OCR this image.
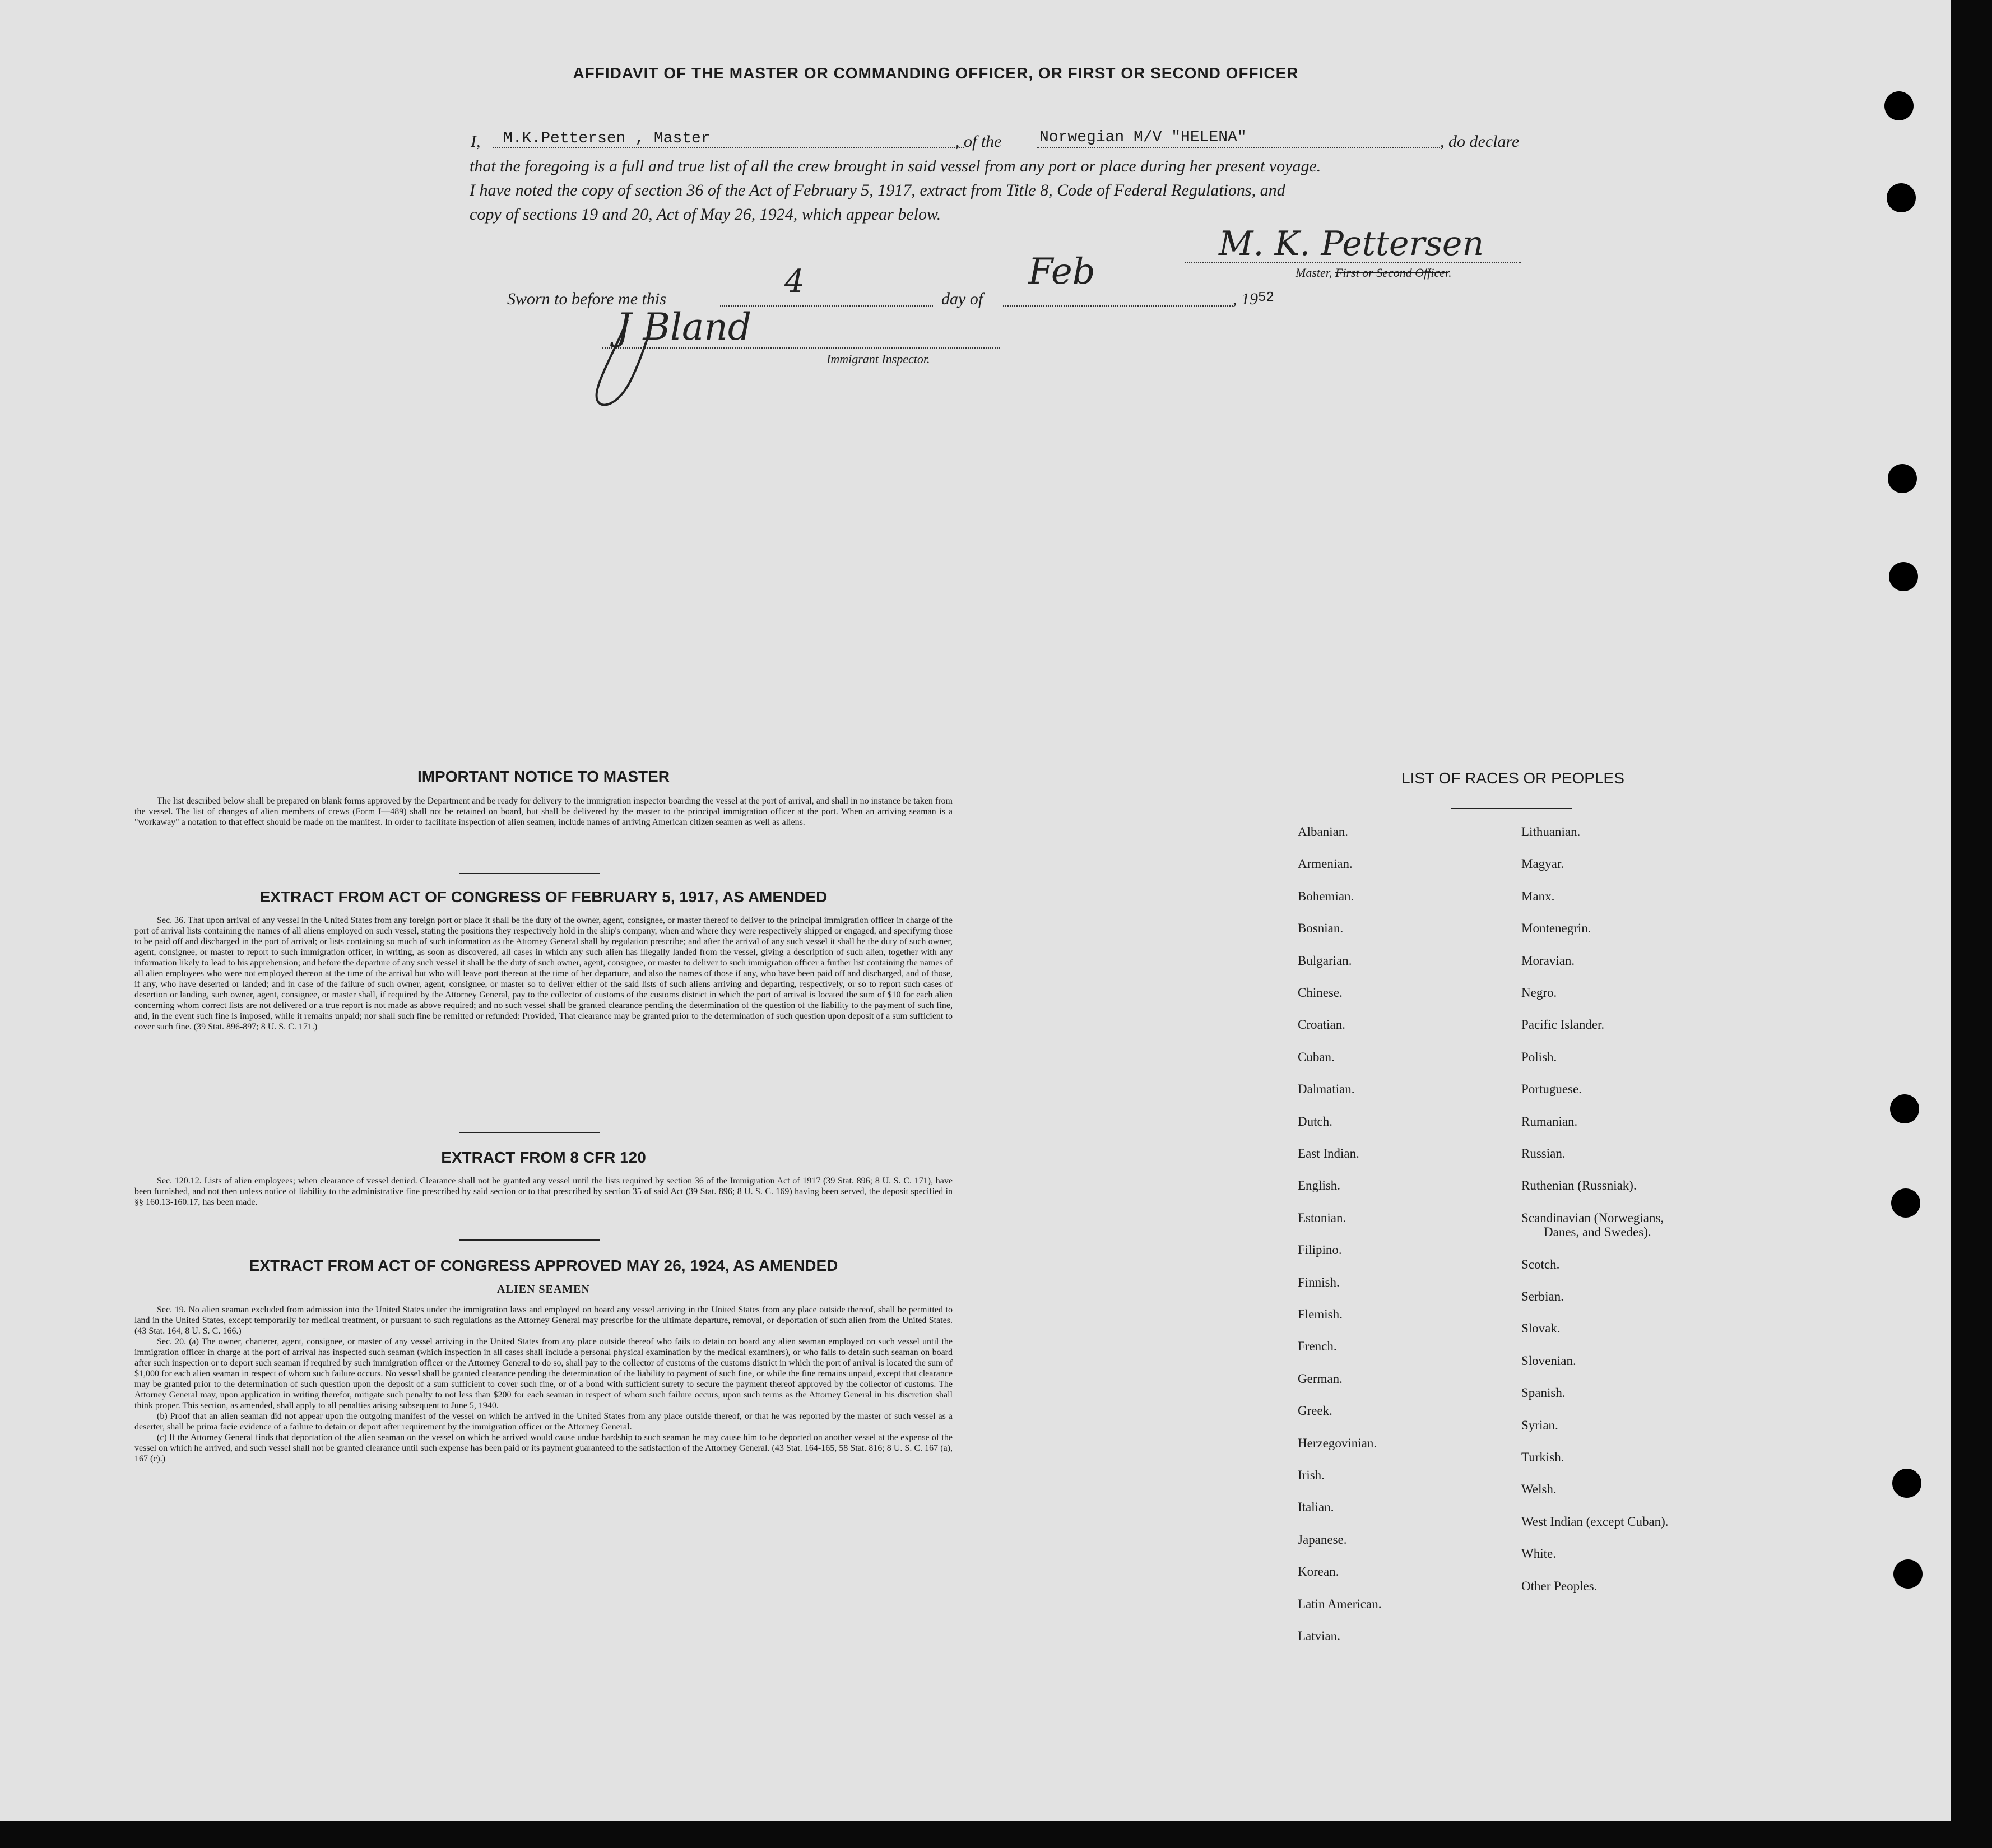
AFFIDAVIT OF THE MASTER OR COMMANDING OFFICER, OR FIRST OR SECOND OFFICER
I, M.K.Pettersen , Master	, of the Norwegian M/V "HELENA"	, do declare
that the foregoing is a full and true list of all the crew brought in said vessel from any port or place during her present voyage.
I have noted the copy of section 36 of the Act of February 5, 1917, extract from Title 8, Code of Federal Regulations, and
copy of sections 19 and 20, Act of May 26, 1924, which appear below.
M. K. Pettersen
Master, First or Second Officer.
Sworn to before me this	4	day of
Feb
, $19^{52}$
J Bland
Immigrant Inspector.
IMPORTANT NOTICE TO MASTER
The list described below shall be prepared on blank forms approved by the Department and be ready for delivery to the immigration inspector boarding the vessel at the port of arrival, and shall in no instance be taken from the vessel. The list of changes of alien members of crews (Form I—489) shall not be retained on board, but shall be delivered by the master to the principal immigration officer at the port. When an arriving seaman is a "workaway" a notation to that effect should be made on the manifest. In order to facilitate inspection of alien seamen, include names of arriving American citizen seamen as well as aliens.
EXTRACT FROM ACT OF CONGRESS OF FEBRUARY 5, 1917, AS AMENDED
Sec. 36. That upon arrival of any vessel in the United States from any foreign port or place it shall be the duty of the owner, agent, consignee, or master thereof to deliver to the principal immigration officer in charge of the port of arrival lists containing the names of all aliens employed on such vessel, stating the positions they respectively hold in the ship's company, when and where they were respectively shipped or engaged, and specifying those to be paid off and discharged in the port of arrival; or lists containing so much of such information as the Attorney General shall by regulation prescribe; and after the arrival of any such vessel it shall be the duty of such owner, agent, consignee, or master to report to such immigration officer, in writing, as soon as discovered, all cases in which any such alien has illegally landed from the vessel, giving a description of such alien, together with any information likely to lead to his apprehension; and before the departure of any such vessel it shall be the duty of such owner, agent, consignee, or master to deliver to such immigration officer a further list containing the names of all alien employees who were not employed thereon at the time of the arrival but who will leave port thereon at the time of her departure, and also the names of those if any, who have been paid off and discharged, and of those, if any, who have deserted or landed; and in case of the failure of such owner, agent, consignee, or master so to deliver either of the said lists of such aliens arriving and departing, respectively, or so to report such cases of desertion or landing, such owner, agent, consignee, or master shall, if required by the Attorney General, pay to the collector of customs of the customs district in which the port of arrival is located the sum of $10 for each alien concerning whom correct lists are not delivered or a true report is not made as above required; and no such vessel shall be granted clearance pending the determination of the question of the liability to the payment of such fine, and, in the event such fine is imposed, while it remains unpaid; nor shall such fine be remitted or refunded: Provided, That clearance may be granted prior to the determination of such question upon deposit of a sum sufficient to cover such fine. (39 Stat. 896-897; 8 U. S. C. 171.)
EXTRACT FROM 8 CFR 120
Sec. 120.12. Lists of alien employees; when clearance of vessel denied. Clearance shall not be granted any vessel until the lists required by section 36 of the Immigration Act of 1917 (39 Stat. 896; 8 U. S. C. 171), have been furnished, and not then unless notice of liability to the administrative fine prescribed by said section or to that prescribed by section 35 of said Act (39 Stat. 896; 8 U. S. C. 169) having been served, the deposit specified in §§ 160.13-160.17, has been made.
EXTRACT FROM ACT OF CONGRESS APPROVED MAY 26, 1924, AS AMENDED
ALIEN SEAMEN
Sec. 19. No alien seaman excluded from admission into the United States under the immigration laws and employed on board any vessel arriving in the United States from any place outside thereof, shall be permitted to land in the United States, except temporarily for medical treatment, or pursuant to such regulations as the Attorney General may prescribe for the ultimate departure, removal, or deportation of such alien from the United States. (43 Stat. 164, 8 U. S. C. 166.)
Sec. 20. (a) The owner, charterer, agent, consignee, or master of any vessel arriving in the United States from any place outside thereof who fails to detain on board any alien seaman employed on such vessel until the immigration officer in charge at the port of arrival has inspected such seaman (which inspection in all cases shall include a personal physical examination by the medical examiners), or who fails to detain such seaman on board after such inspection or to deport such seaman if required by such immigration officer or the Attorney General to do so, shall pay to the collector of customs of the customs district in which the port of arrival is located the sum of $1,000 for each alien seaman in respect of whom such failure occurs. No vessel shall be granted clearance pending the determination of the liability to payment of such fine, or while the fine remains unpaid, except that clearance may be granted prior to the determination of such question upon the deposit of a sum sufficient to cover such fine, or of a bond with sufficient surety to secure the payment thereof approved by the collector of customs. The Attorney General may, upon application in writing therefor, mitigate such penalty to not less than $200 for each seaman in respect of whom such failure occurs, upon such terms as the Attorney General in his discretion shall think proper. This section, as amended, shall apply to all penalties arising subsequent to June 5, 1940.
(b) Proof that an alien seaman did not appear upon the outgoing manifest of the vessel on which he arrived in the United States from any place outside thereof, or that he was reported by the master of such vessel as a deserter, shall be prima facie evidence of a failure to detain or deport after requirement by the immigration officer or the Attorney General.
(c) If the Attorney General finds that deportation of the alien seaman on the vessel on which he arrived would cause undue hardship to such seaman he may cause him to be deported on another vessel at the expense of the vessel on which he arrived, and such vessel shall not be granted clearance until such expense has been paid or its payment guaranteed to the satisfaction of the Attorney General. (43 Stat. 164-165, 58 Stat. 816; 8 U. S. C. 167 (a), 167 (c).)
LIST OF RACES OR PEOPLES
Albanian.
Armenian.
Bohemian.
Bosnian.
Bulgarian.
Chinese.
Croatian.
Cuban.
Dalmatian.
Dutch.
East Indian.
English.
Estonian.
Filipino.
Finnish.
Flemish.
French.
German.
Greek.
Herzegovinian.
Irish.
Italian.
Japanese.
Korean.
Latin American.
Latvian.
Lithuanian.
Magyar.
Manx.
Montenegrin.
Moravian.
Negro.
Pacific Islander.
Polish.
Portuguese.
Rumanian.
Russian.
Ruthenian (Russniak).
Scandinavian (Norwegians,
Danes, and Swedes).
Scotch.
Serbian.
Slovak.
Slovenian.
Spanish.
Syrian.
Turkish.
Welsh.
West Indian (except Cuban).
White.
Other Peoples.
